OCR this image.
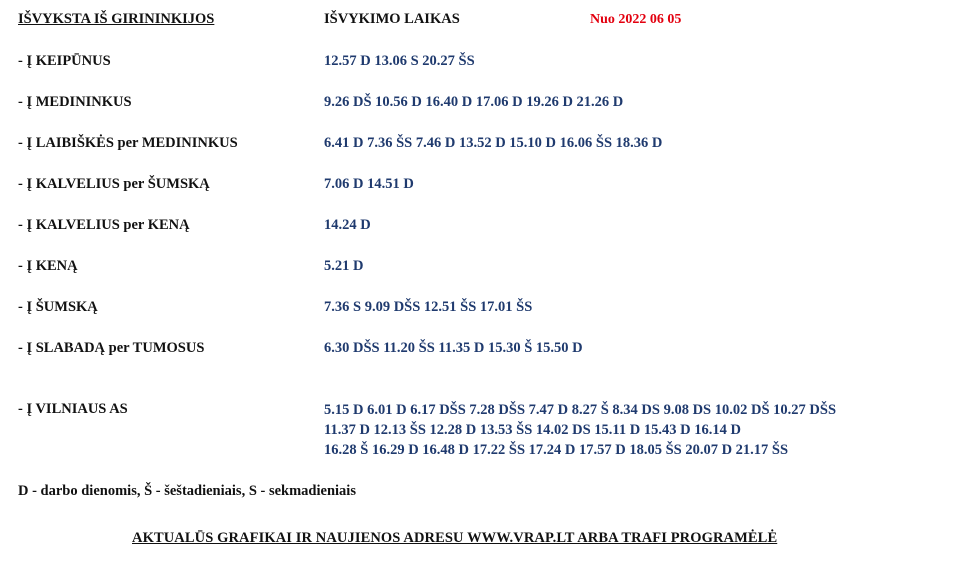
IŠVYKSTA IŠ GIRININKIJOS	IŠVYKIMO LAIKAS	Nuo 2022 06 05
- Į KEIPŪNUS	12.57 D 13.06 S 20.27 ŠS
- Į MEDININKUS	9.26 DŠ 10.56 D 16.40 D 17.06 D 19.26 D 21.26 D
- Į LAIBIŠKĖS per MEDININKUS	6.41 D 7.36 ŠS 7.46 D 13.52 D 15.10 D 16.06 ŠS 18.36 D
- Į KALVELIUS per ŠUMSKĄ	7.06 D 14.51 D
- Į KALVELIUS per KENĄ	14.24 D
- Į KENĄ	5.21 D
- Į ŠUMSKĄ	7.36 S 9.09 DŠS 12.51 ŠS 17.01 ŠS
- Į SLABADĄ per TUMOSUS	6.30 DŠS 11.20 ŠS 11.35 D 15.30 Š 15.50 D
- Į VILNIAUS AS	5.15 D 6.01 D 6.17 DŠS 7.28 DŠS 7.47 D 8.27 Š 8.34 DS 9.08 DS 10.02 DŠ 10.27 DŠS
11.37 D 12.13 ŠS 12.28 D 13.53 ŠS 14.02 DS 15.11 D 15.43 D 16.14 D
16.28 Š 16.29 D 16.48 D 17.22 ŠS 17.24 D 17.57 D 18.05 ŠS 20.07 D 21.17 ŠS
D - darbo dienomis, Š - šeštadieniais, S - sekmadieniais
AKTUALŪS GRAFIKAI IR NAUJIENOS ADRESU WWW.VRAP.LT ARBA TRAFI PROGRAMĖLĖ
